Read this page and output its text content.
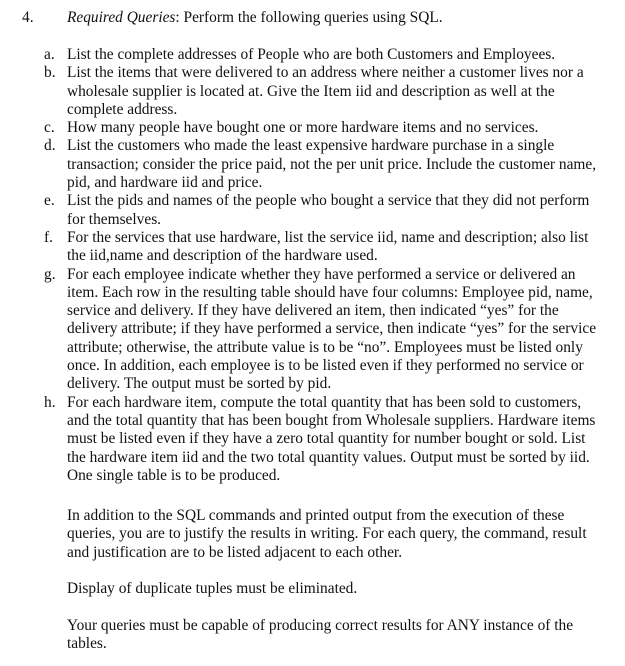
4. Required Queries: Perform the following queries using SQL.
a. List the complete addresses of People who are both Customers and Employees.
b. List the items that were delivered to an address where neither a customer lives nor a wholesale supplier is located at. Give the Item iid and description as well at the complete address.
c. How many people have bought one or more hardware items and no services.
d. List the customers who made the least expensive hardware purchase in a single transaction; consider the price paid, not the per unit price. Include the customer name, pid, and hardware iid and price.
e. List the pids and names of the people who bought a service that they did not perform for themselves.
f. For the services that use hardware, list the service iid, name and description; also list the iid,name and description of the hardware used.
g. For each employee indicate whether they have performed a service or delivered an item. Each row in the resulting table should have four columns: Employee pid, name, service and delivery. If they have delivered an item, then indicated “yes” for the delivery attribute; if they have performed a service, then indicate “yes” for the service attribute; otherwise, the attribute value is to be “no”. Employees must be listed only once. In addition, each employee is to be listed even if they performed no service or delivery. The output must be sorted by pid.
h. For each hardware item, compute the total quantity that has been sold to customers, and the total quantity that has been bought from Wholesale suppliers. Hardware items must be listed even if they have a zero total quantity for number bought or sold. List the hardware item iid and the two total quantity values. Output must be sorted by iid. One single table is to be produced.
In addition to the SQL commands and printed output from the execution of these queries, you are to justify the results in writing. For each query, the command, result and justification are to be listed adjacent to each other.
Display of duplicate tuples must be eliminated.
Your queries must be capable of producing correct results for ANY instance of the tables.
